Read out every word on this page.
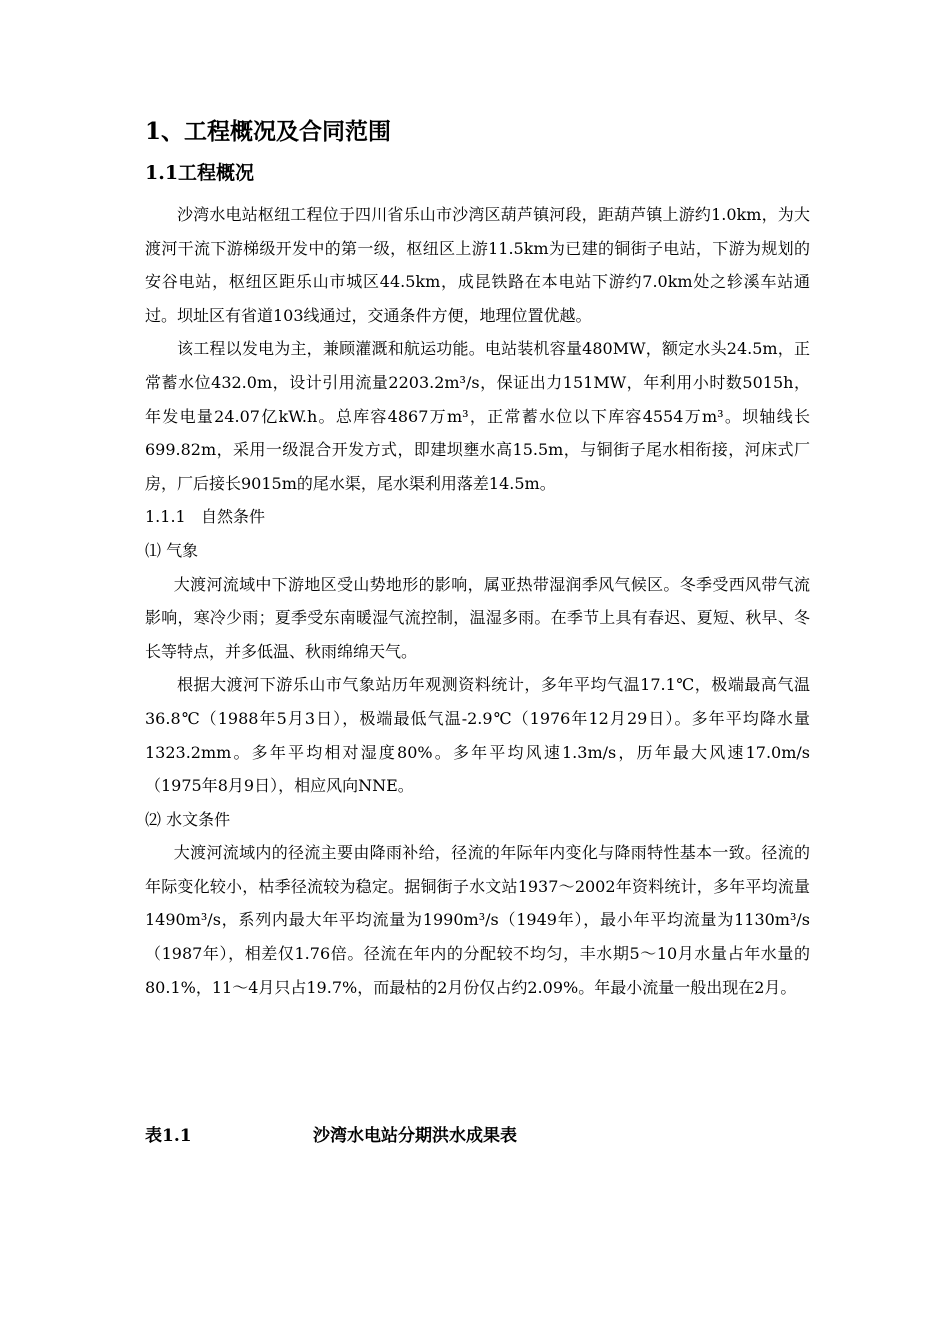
1、工程概况及合同范围
1.1工程概况

沙湾水电站枢纽工程位于四川省乐山市沙湾区葫芦镇河段，距葫芦镇上游约1.0km，为大渡河干流下游梯级开发中的第一级，枢纽区上游11.5km为已建的铜街子电站，下游为规划的安谷电站，枢纽区距乐山市城区44.5km，成昆铁路在本电站下游约7.0km处之轸溪车站通过。坝址区有省道103线通过，交通条件方便，地理位置优越。

该工程以发电为主，兼顾灌溉和航运功能。电站装机容量480MW，额定水头24.5m，正常蓄水位432.0m，设计引用流量2203.2m³/s，保证出力151MW，年利用小时数5015h，年发电量24.07亿kW.h。总库容4867万m³，正常蓄水位以下库容4554万m³。坝轴线长699.82m，采用一级混合开发方式，即建坝壅水高15.5m，与铜街子尾水相衔接，河床式厂房，厂后接长9015m的尾水渠，尾水渠利用落差14.5m。

1.1.1   自然条件

⑴ 气象

大渡河流域中下游地区受山势地形的影响，属亚热带湿润季风气候区。冬季受西风带气流影响，寒冷少雨；夏季受东南暖湿气流控制，温湿多雨。在季节上具有春迟、夏短、秋早、冬长等特点，并多低温、秋雨绵绵天气。

根据大渡河下游乐山市气象站历年观测资料统计，多年平均气温17.1℃，极端最高气温36.8℃（1988年5月3日），极端最低气温-2.9℃（1976年12月29日）。多年平均降水量1323.2mm。多年平均相对湿度80%。多年平均风速1.3m/s，历年最大风速17.0m/s（1975年8月9日），相应风向NNE。

⑵ 水文条件

大渡河流域内的径流主要由降雨补给，径流的年际年内变化与降雨特性基本一致。径流的年际变化较小，枯季径流较为稳定。据铜街子水文站1937～2002年资料统计，多年平均流量1490m³/s，系列内最大年平均流量为1990m³/s（1949年），最小年平均流量为1130m³/s（1987年），相差仅1.76倍。径流在年内的分配较不均匀，丰水期5～10月水量占年水量的80.1%，11～4月只占19.7%，而最枯的2月份仅占约2.09%。年最小流量一般出现在2月。

表1.1	沙湾水电站分期洪水成果表
